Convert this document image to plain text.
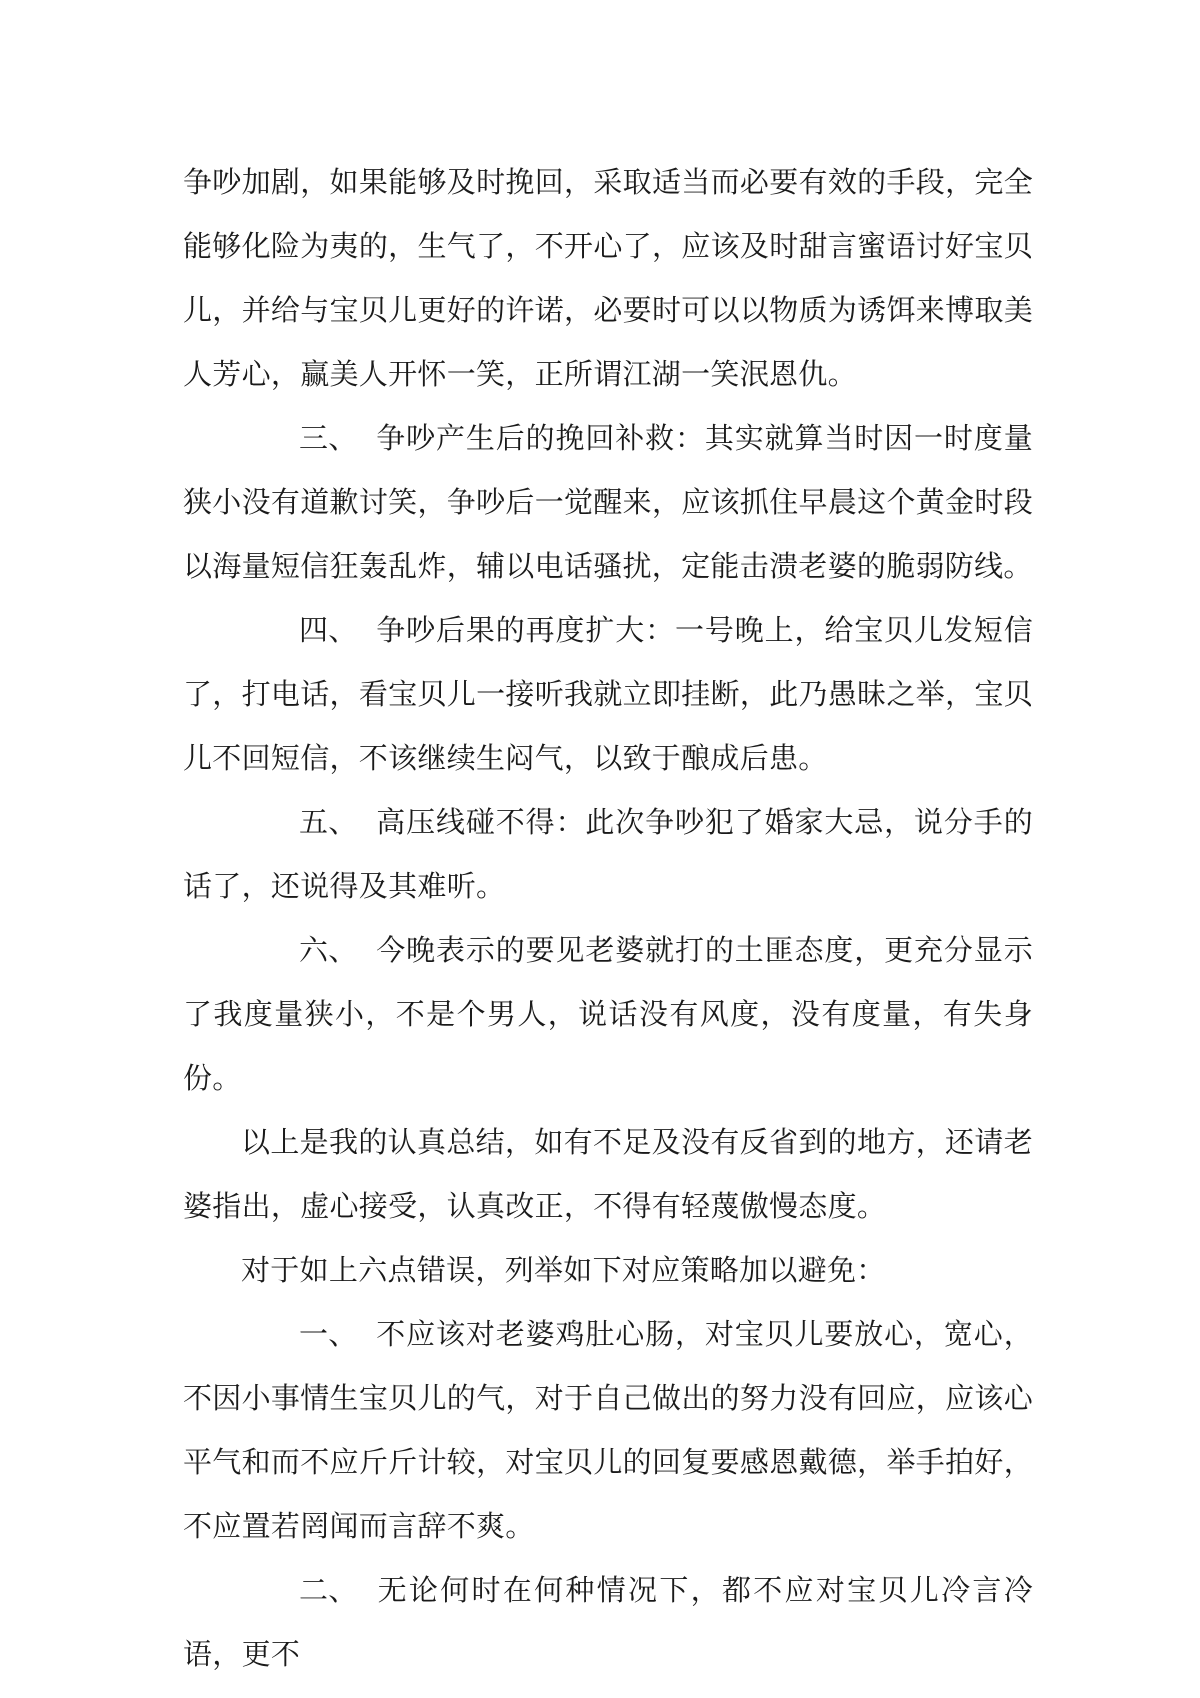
争吵加剧，如果能够及时挽回，采取适当而必要有效的手段，完全能够化险为夷的，生气了，不开心了，应该及时甜言蜜语讨好宝贝儿，并给与宝贝儿更好的许诺，必要时可以以物质为诱饵来博取美人芳心，赢美人开怀一笑，正所谓江湖一笑泯恩仇。

三、 争吵产生后的挽回补救：其实就算当时因一时度量狭小没有道歉讨笑，争吵后一觉醒来，应该抓住早晨这个黄金时段以海量短信狂轰乱炸，辅以电话骚扰，定能击溃老婆的脆弱防线。

四、 争吵后果的再度扩大：一号晚上，给宝贝儿发短信了，打电话，看宝贝儿一接听我就立即挂断，此乃愚昧之举，宝贝儿不回短信，不该继续生闷气，以致于酿成后患。

五、 高压线碰不得：此次争吵犯了婚家大忌，说分手的话了，还说得及其难听。

六、 今晚表示的要见老婆就打的土匪态度，更充分显示了我度量狭小，不是个男人，说话没有风度，没有度量，有失身份。

以上是我的认真总结，如有不足及没有反省到的地方，还请老婆指出，虚心接受，认真改正，不得有轻蔑傲慢态度。

对于如上六点错误，列举如下对应策略加以避免：

一、 不应该对老婆鸡肚心肠，对宝贝儿要放心，宽心，不因小事情生宝贝儿的气，对于自己做出的努力没有回应，应该心平气和而不应斤斤计较，对宝贝儿的回复要感恩戴德，举手拍好，不应置若罔闻而言辞不爽。

二、 无论何时在何种情况下，都不应对宝贝儿冷言冷语，更不
